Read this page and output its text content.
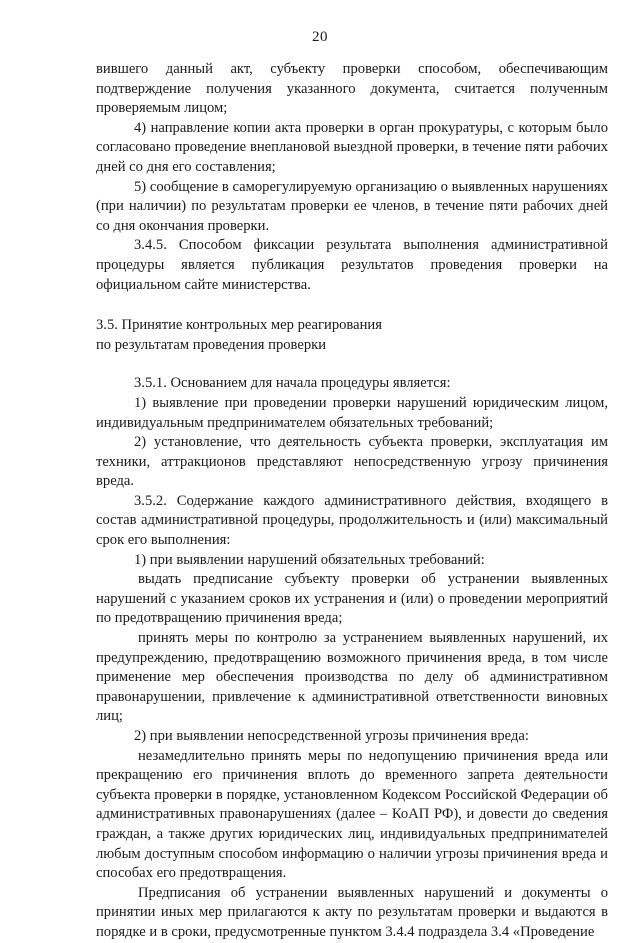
20

вившего данный акт, субъекту проверки способом, обеспечивающим подтверждение получения указанного документа, считается полученным проверяемым лицом;

4) направление копии акта проверки в орган прокуратуры, с которым было согласовано проведение внеплановой выездной проверки, в течение пяти рабочих дней со дня его составления;

5) сообщение в саморегулируемую организацию о выявленных нарушениях (при наличии) по результатам проверки ее членов, в течение пяти рабочих дней со дня окончания проверки.

3.4.5. Способом фиксации результата выполнения административной процедуры является публикация результатов проведения проверки на официальном сайте министерства.

3.5. Принятие контрольных мер реагирования

по результатам проведения проверки

3.5.1. Основанием для начала процедуры является:

1) выявление при проведении проверки нарушений юридическим лицом, индивидуальным предпринимателем обязательных требований;

2) установление, что деятельность субъекта проверки, эксплуатация им техники, аттракционов представляют непосредственную угрозу причинения вреда.

3.5.2. Содержание каждого административного действия, входящего в состав административной процедуры, продолжительность и (или) максимальный срок его выполнения:

1) при выявлении нарушений обязательных требований:

выдать предписание субъекту проверки об устранении выявленных нарушений с указанием сроков их устранения и (или) о проведении мероприятий по предотвращению причинения вреда;

принять меры по контролю за устранением выявленных нарушений, их предупреждению, предотвращению возможного причинения вреда, в том числе применение мер обеспечения производства по делу об административном правонарушении, привлечение к административной ответственности виновных лиц;

2) при выявлении непосредственной угрозы причинения вреда:

незамедлительно принять меры по недопущению причинения вреда или прекращению его причинения вплоть до временного запрета деятельности субъекта проверки в порядке, установленном Кодексом Российской Федерации об административных правонарушениях (далее – КоАП РФ), и довести до сведения граждан, а также других юридических лиц, индивидуальных предпринимателей любым доступным способом информацию о наличии угрозы причинения вреда и способах его предотвращения.

Предписания об устранении выявленных нарушений и документы о принятии иных мер прилагаются к акту по результатам проверки и выдаются в порядке и в сроки, предусмотренные пунктом 3.4.4 подраздела 3.4 «Проведение
